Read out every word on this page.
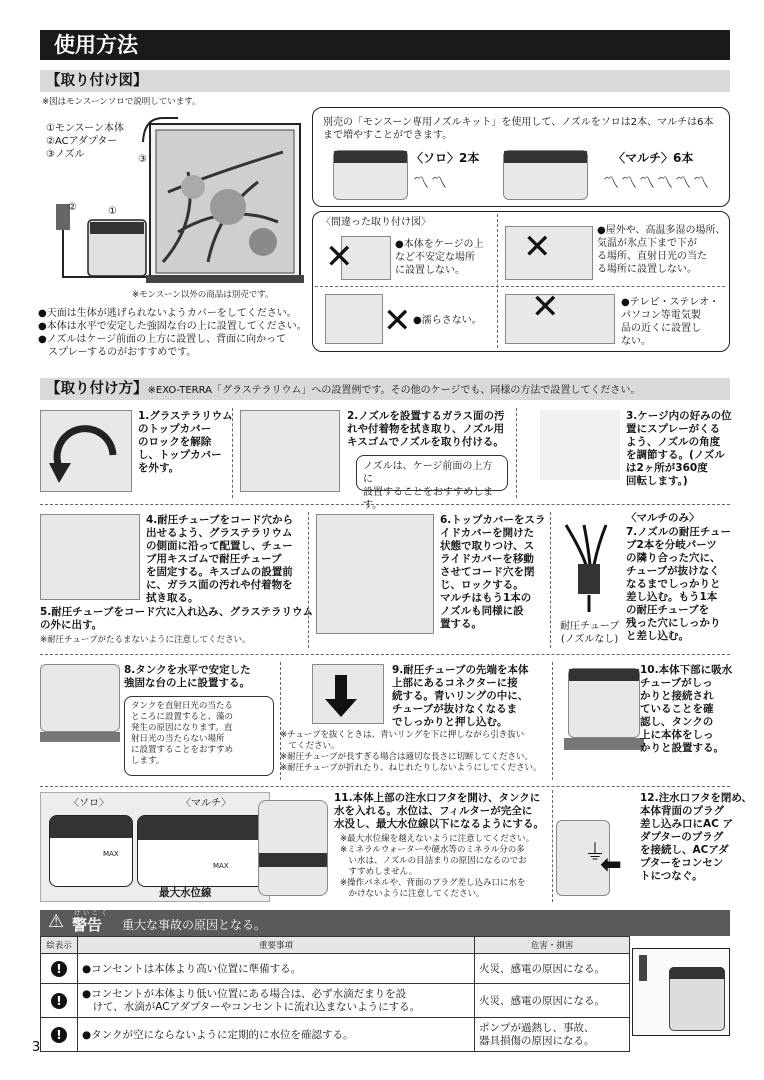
使用方法
【取り付け図】
※図はモンスーンソロで説明しています。
①モンスーン本体
②ACアダプター
③ノズル
②	①
③
※モンスーン以外の商品は別売です。
●天面は生体が逃げられないようカバーをしてください。
●本体は水平で安定した強固な台の上に設置してください。
●ノズルはケージ前面の上方に設置し、背面に向かって
　スプレーするのがおすすめです。
別売の「モンスーン専用ノズルキット」を使用して、ノズルをソロは2本、マルチは6本
まで増やすことができます。
〈ソロ〉2本
〽〽
〈マルチ〉6本
〽〽〽〽〽〽
〈間違った取り付け図〉
✕	●本体をケージの上
など不安定な場所
に設置しない。
✕	●屋外や、高温多湿の場所、
気温が氷点下まで下が
る場所、直射日光の当た
る場所に設置しない。
✕ ●濡らさない。 ✕	●テレビ・ステレオ・
パソコン等電気製
品の近くに設置し
ない。
【取り付け方】※EXO-TERRA「グラステラリウム」への設置例です。その他のケージでも、同様の方法で設置してください。
1.グラステラリウム
のトップカバー
のロックを解除
し、トップカバー
を外す。
2.ノズルを設置するガラス面の汚
れや付着物を拭き取り、ノズル用
キスゴムでノズルを取り付ける。
ノズルは、ケージ前面の上方に
設置することをおすすめします。
3.ケージ内の好みの位
置にスプレーがくる
よう、ノズルの角度
を調節する。(ノズル
は2ヶ所が360度
回転します。)
4.耐圧チューブをコード穴から
出せるよう、グラステラリウム
の側面に沿って配置し、チュー
ブ用キスゴムで耐圧チューブ
を固定する。キスゴムの設置前
に、ガラス面の汚れや付着物を
拭き取る。
5.耐圧チューブをコード穴に入れ込み、グラステラリウム
の外に出す。
※耐圧チューブがたるまないように注意してください。
6.トップカバーをスラ
イドカバーを開けた
状態で取りつけ、ス
ライドカバーを移動
させてコード穴を閉
じ、ロックする。
マルチはもう1本の
ノズルも同様に設
置する。
〈マルチのみ〉
7.ノズルの耐圧チュー
ブ2本を分岐パーツ
の隣り合った穴に、
チューブが抜けなく
なるまでしっかりと
差し込む。もう1本
の耐圧チューブを
残った穴にしっかり
と差し込む。
耐圧チューブ
(ノズルなし)
8.タンクを水平で安定した
強固な台の上に設置する。
タンクを直射日光の当たる
ところに設置すると、藻の
発生の原因になります。直
射日光の当たらない場所
に設置することをおすすめ
します。
9.耐圧チューブの先端を本体
上部にあるコネクターに接
続する。青いリングの中に、
チューブが抜けなくなるま
でしっかりと押し込む。
※チューブを抜くときは、青いリングを下に押しながら引き抜い
　てください。
※耐圧チューブが長すぎる場合は適切な長さに切断してください。
※耐圧チューブが折れたり、ねじれたりしないようにしてください。
10.本体下部に吸水
チューブがしっ
かりと接続され
ていることを確
認し、タンクの
上に本体をしっ
かりと設置する。
〈ソロ〉	〈マルチ〉
MAX
MAX
最大水位線
11.本体上部の注水口フタを開け、タンクに
水を入れる。水位は、フィルターが完全に
水没し、最大水位線以下になるようにする。
※最大水位線を越えないように注意してください。
※ミネラルウォーターや硬水等のミネラル分の多
　い水は、ノズルの目詰まりの原因になるのでお
　すすめしません。
※操作パネルや、背面のプラグ差し込み口に水を
　かけないように注意してください。
⏚
⬅
12.注水口フタを閉め、
本体背面のプラグ
差し込み口にAC ア
ダプターのプラグ
を接続し、ACアダ
プターをコンセン
トにつなぐ。
⚠ けいこく
警告 重大な事故の原因となる。
絵表示	重要事項	危害・損害
!	●コンセントは本体より高い位置に準備する。	火災、感電の原因になる。

!	●コンセントが本体より低い位置にある場合は、必ず水滴だまりを設
　けて、水滴がACアダプターやコンセントに流れ込まないようにする。	火災、感電の原因になる。

!	●タンクが空にならないように定期的に水位を確認する。	ポンプが過熱し、事故、
器具損傷の原因になる。
3
